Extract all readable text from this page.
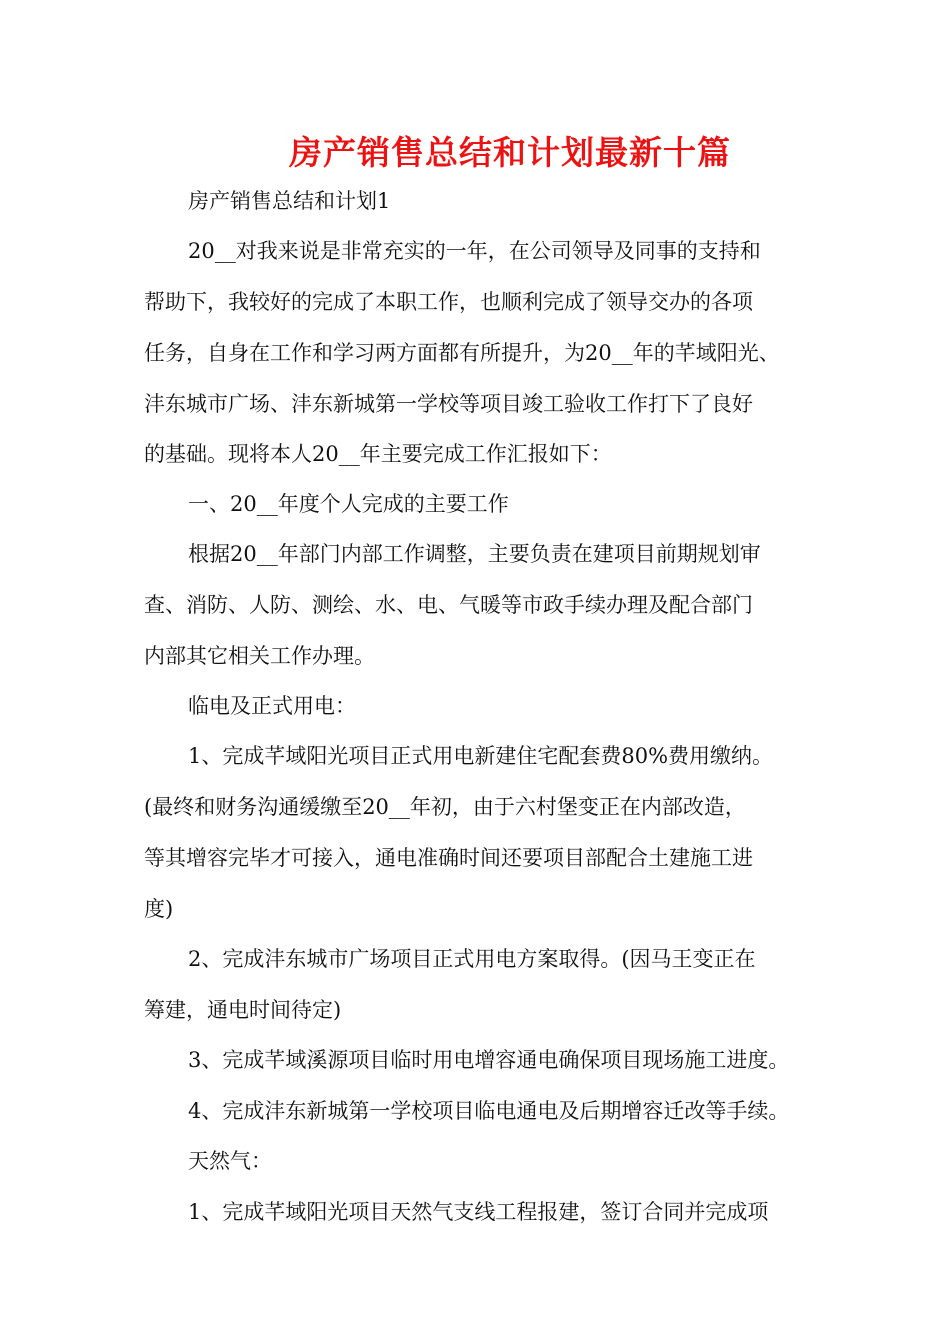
房产销售总结和计划最新十篇
房产销售总结和计划1
20__对我来说是非常充实的一年，在公司领导及同事的支持和
帮助下，我较好的完成了本职工作，也顺利完成了领导交办的各项
任务，自身在工作和学习两方面都有所提升，为20__年的芊域阳光、
沣东城市广场、沣东新城第一学校等项目竣工验收工作打下了良好
的基础。现将本人20__年主要完成工作汇报如下：
一、20__年度个人完成的主要工作
根据20__年部门内部工作调整，主要负责在建项目前期规划审
查、消防、人防、测绘、水、电、气暖等市政手续办理及配合部门
内部其它相关工作办理。
临电及正式用电：
1、完成芊域阳光项目正式用电新建住宅配套费80%费用缴纳。
(最终和财务沟通缓缴至20__年初，由于六村堡变正在内部改造，
等其增容完毕才可接入，通电准确时间还要项目部配合土建施工进
度)
2、完成沣东城市广场项目正式用电方案取得。(因马王变正在
筹建，通电时间待定)
3、完成芊域溪源项目临时用电增容通电确保项目现场施工进度。
4、完成沣东新城第一学校项目临电通电及后期增容迁改等手续。
天然气：
1、完成芊域阳光项目天然气支线工程报建，签订合同并完成项
